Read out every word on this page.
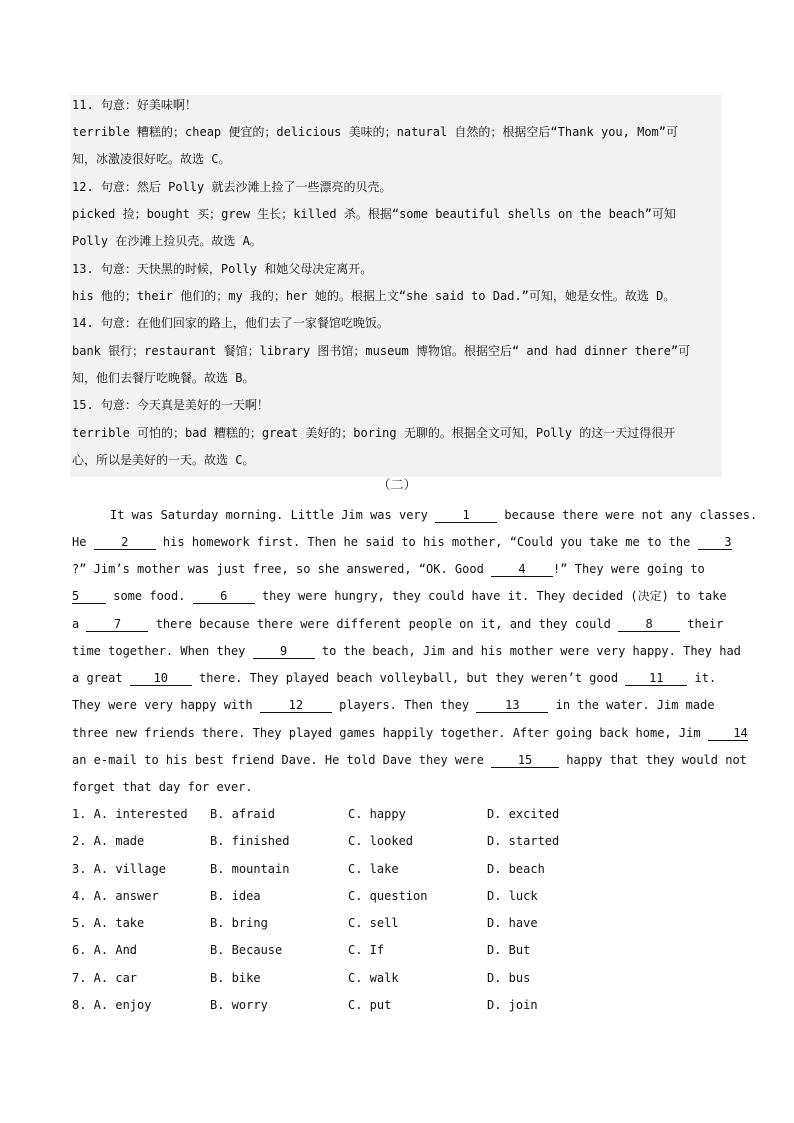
11. 句意：好美味啊！
terrible 糟糕的；cheap 便宜的；delicious 美味的；natural 自然的；根据空后“Thank you, Mom”可
知，冰激凌很好吃。故选 C。
12. 句意：然后 Polly 就去沙滩上捡了一些漂亮的贝壳。
picked 捡；bought 买；grew 生长；killed 杀。根据“some beautiful shells on the beach”可知
Polly 在沙滩上捡贝壳。故选 A。
13. 句意：天快黑的时候，Polly 和她父母决定离开。
his 他的；their 他们的；my 我的；her 她的。根据上文“she said to Dad.”可知，她是女性。故选 D。
14. 句意：在他们回家的路上，他们去了一家餐馆吃晚饭。
bank 银行；restaurant 餐馆；library 图书馆；museum 博物馆。根据空后“ and had dinner there”可
知，他们去餐厅吃晚餐。故选 B。
15. 句意：今天真是美好的一天啊！
terrible 可怕的；bad 糟糕的；great 美好的；boring 无聊的。根据全文可知，Polly 的这一天过得很开
心，所以是美好的一天。故选 C。
（二）
It was Saturday morning. Little Jim was very	1	because there were not any classes.
He	2	his homework first. Then he said to his mother, “Could you take me to the	3
?” Jim’s mother was just free, so she answered, “OK. Good	4 !” They were going to
5	some food.	6	they were hungry, they could have it. They decided (决定) to take
a	7	there because there were different people on it, and they could	8	their
time together. When they	9	to the beach, Jim and his mother were very happy. They had
a great	10	there. They played beach volleyball, but they weren’t good	11	it.
They were very happy with	12	players. Then they	13	in the water. Jim made
three new friends there. They played games happily together. After going back home, Jim	14
an e-mail to his best friend Dave. He told Dave they were	15	happy that they would not
forget that day for ever.
1. A. interested B. afraid	C. happy	D. excited
2. A. made	B. finished	C. looked	D. started
3. A. village	B. mountain	C. lake	D. beach
4. A. answer	B. idea	C. question	D. luck
5. A. take	B. bring	C. sell	D. have
6. A. And	B. Because	C. If	D. But
7. A. car	B. bike	C. walk	D. bus
8. A. enjoy	B. worry	C. put	D. join
